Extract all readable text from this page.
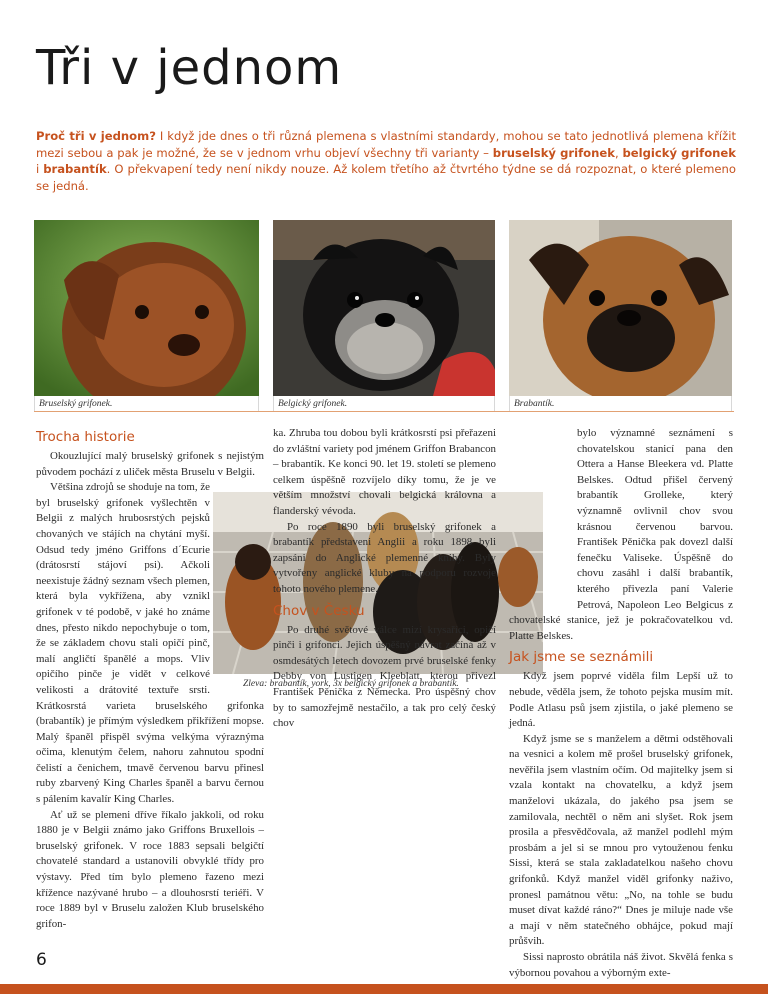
Tři v jednom

Proč tři v jednom? I když jde dnes o tři různá plemena s vlastními standardy, mohou se tato jednotlivá plemena křížit mezi sebou a pak je možné, že se v jednom vrhu objeví všechny tři varianty – bruselský grifonek, belgický grifonek i brabantík. O překvapení tedy není nikdy nouze. Až kolem třetího až čtvrtého týdne se dá rozpoznat, o které plemeno se jedná.

Bruselský grifonek.	Belgický grifonek.	Brabantík.
Zleva: brabantík, york, 3x belgický grifonek a brabantík.
Trocha historie

Okouzlující malý bruselský grifonek s nejistým původem pochází z uliček města Bruselu v Belgii.

Většina zdrojů se shoduje na tom, že byl bruselský grifonek vyšlechtěn v Belgii z malých hrubosrstých pejsků chovaných ve stájích na chytání myší. Odsud tedy jméno Griffons d´Ecurie (drátosrstí stájoví psi). Ačkoli neexistuje žádný seznam všech plemen, která byla vykřížena, aby vznikl grifonek v té podobě, v jaké ho známe dnes, přesto nikdo nepochybuje o tom, že se základem chovu stali opičí pinč, malí angličtí španělé a mops. Vliv opičího pinče je vidět v celkové velikosti a drátovité textuře srsti. Krátkosrstá varieta bruselského grifonka (brabantík) je přímým výsledkem přikřížení mopse. Malý španěl přispěl svýma velkýma výraznýma očima, klenutým čelem, nahoru zahnutou spodní čelistí a čenichem, tmavě červenou barvu přinesl ruby zbarvený King Charles španěl a barvu černou s pálením kavalír King Charles.

Ať už se plemeni dříve říkalo jakkoli, od roku 1880 je v Belgii známo jako Griffons Bruxellois – bruselský grifonek. V roce 1883 sepsali belgičtí chovatelé standard a ustanovili obvyklé třídy pro výstavy. Před tím bylo plemeno řazeno mezi křížence nazývané hrubo – a dlouhosrstí teriéři. V roce 1889 byl v Bruselu založen Klub bruselského grifon-

ka. Zhruba tou dobou byli krátkosrstí psi přeřazeni do zvláštní variety pod jménem Griffon Brabancon – brabantík. Ke konci 90. let 19. století se plemeno celkem úspěšně rozvíjelo díky tomu, že je ve větším množství chovali belgická královna a flanderský vévoda.

Po roce 1890 byli bruselský grifonek a brabantík představeni Anglii a roku 1898 byli zapsáni do Anglické plemenné knihy. Byly vytvořeny anglické kluby na podporu rozvoje tohoto nového plemene.

Chov v Česku

Po druhé světové válce mizí krysaříci, opičí pinči i grifonci. Jejich úspěšný návrat začíná až v osmdesátých letech dovozem prvé bruselské fenky Debby von Lustigen Kleeblatt, kterou přivezl František Pěnička z Německa. Pro úspěšný chov by to samozřejmě nestačilo, a tak pro celý český chov

bylo významné seznámení s chovatelskou stanicí pana den Ottera a Hanse Bleekera vd. Platte Belskes. Odtud přišel červený brabantík Grolleke, který významně ovlivnil chov svou krásnou červenou barvou. František Pěnička pak dovezl další fenečku Valiseke. Úspěšně do chovu zasáhl i další brabantík, kterého přivezla paní Valerie Petrová, Napoleon Leo Belgicus z chovatelské stanice, jež je pokračovatelkou vd. Platte Belskes.

Jak jsme se seznámili

Když jsem poprvé viděla film Lepší už to nebude, věděla jsem, že tohoto pejska musím mít. Podle Atlasu psů jsem zjistila, o jaké plemeno se jedná.

Když jsme se s manželem a dětmi odstěhovali na vesnici a kolem mě prošel bruselský grifonek, nevěřila jsem vlastním očím. Od majitelky jsem si vzala kontakt na chovatelku, a když jsem manželovi ukázala, do jakého psa jsem se zamilovala, nechtěl o něm ani slyšet. Rok jsem prosila a přesvědčovala, až manžel podlehl mým prosbám a jel si se mnou pro vytouženou fenku Sissi, která se stala zakladatelkou našeho chovu grifonků. Když manžel viděl grifonky naživo, pronesl památnou větu: „No, na tohle se budu muset dívat každé ráno?“ Dnes je miluje nade vše a mají v něm statečného obhájce, pokud mají průšvih.

Sissi naprosto obrátila náš život. Skvělá fenka s výbornou povahou a výborným exte-

6
